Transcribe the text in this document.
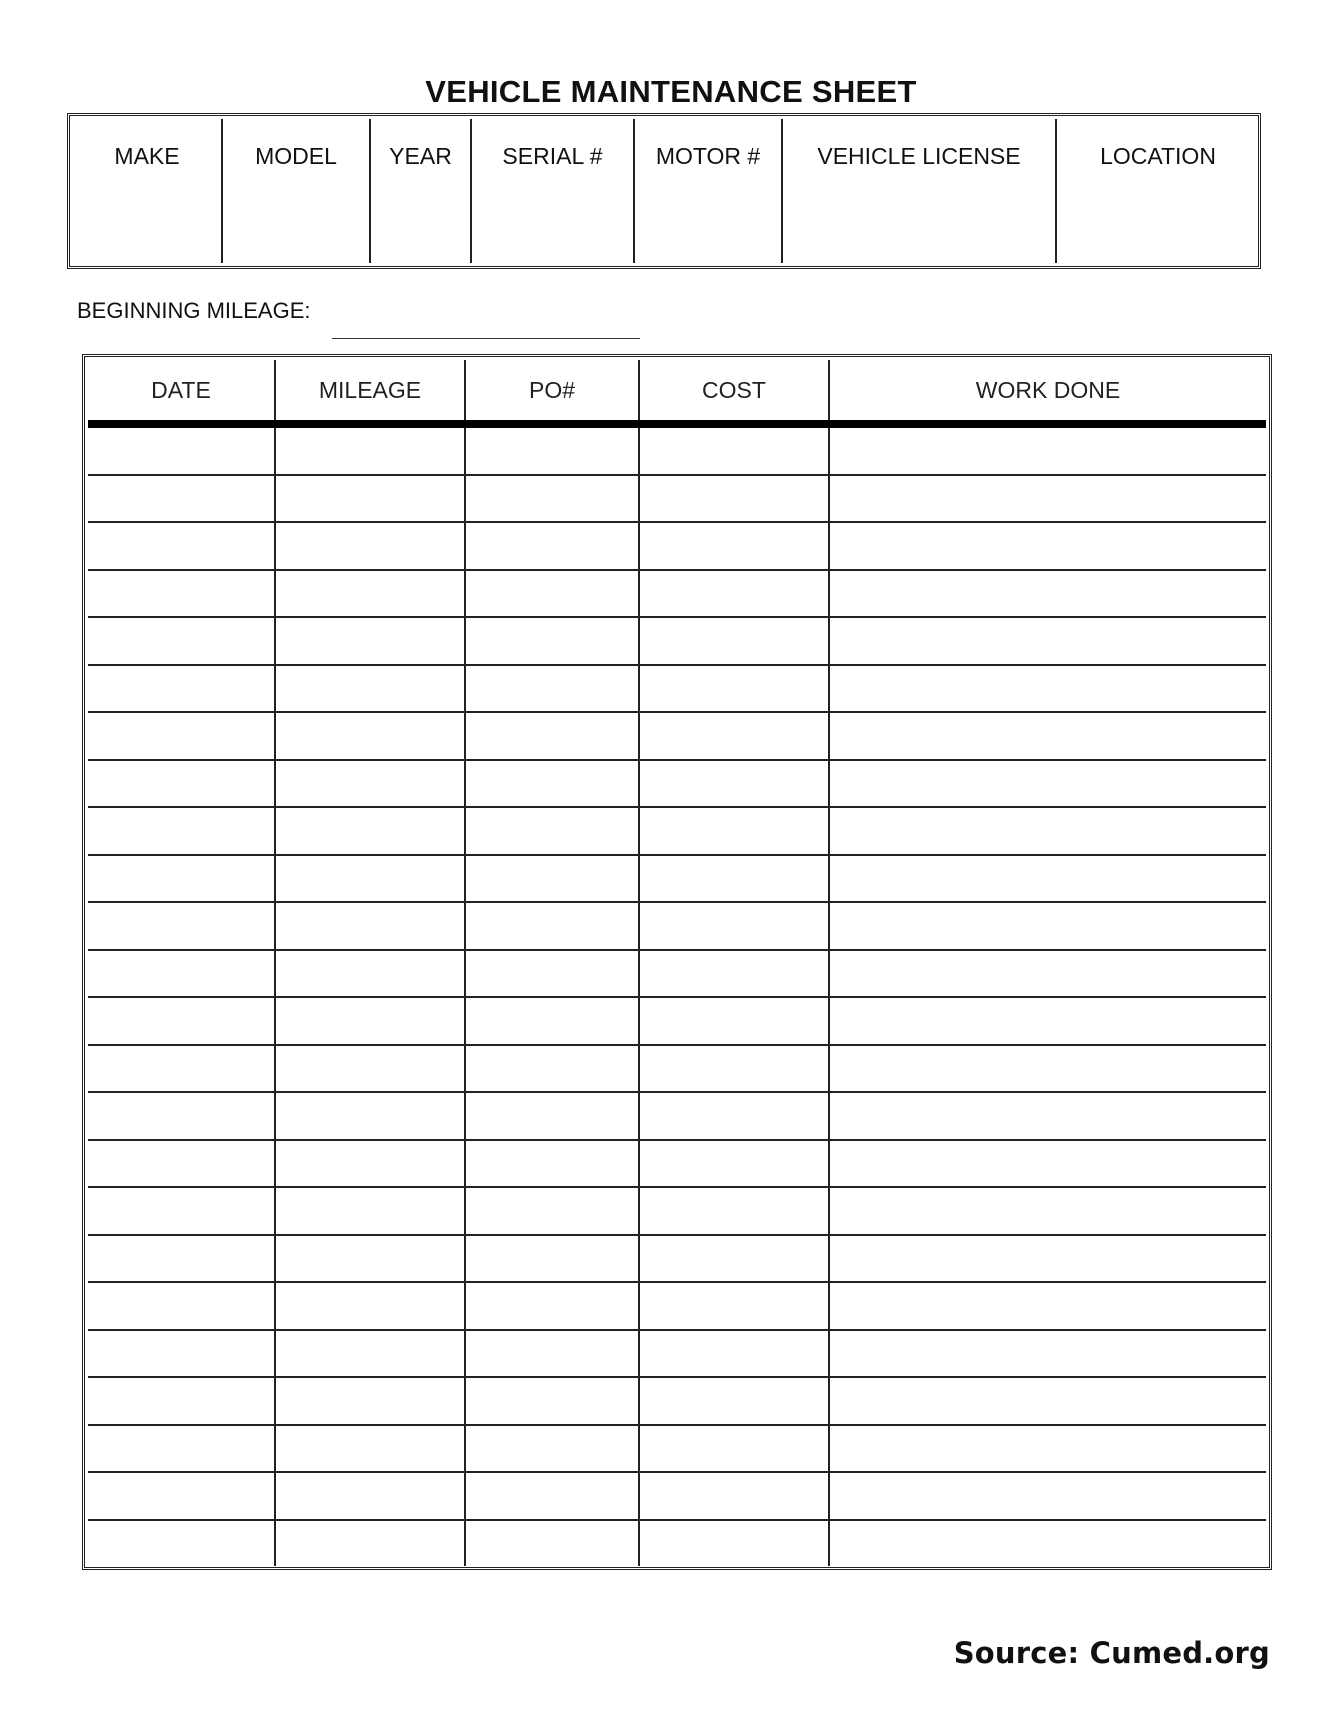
VEHICLE MAINTENANCE SHEET
MAKE	MODEL	YEAR	SERIAL #	MOTOR #	VEHICLE LICENSE	LOCATION
BEGINNING MILEAGE:
DATE	MILEAGE	PO#	COST	WORK DONE

Source: Cumed.org
